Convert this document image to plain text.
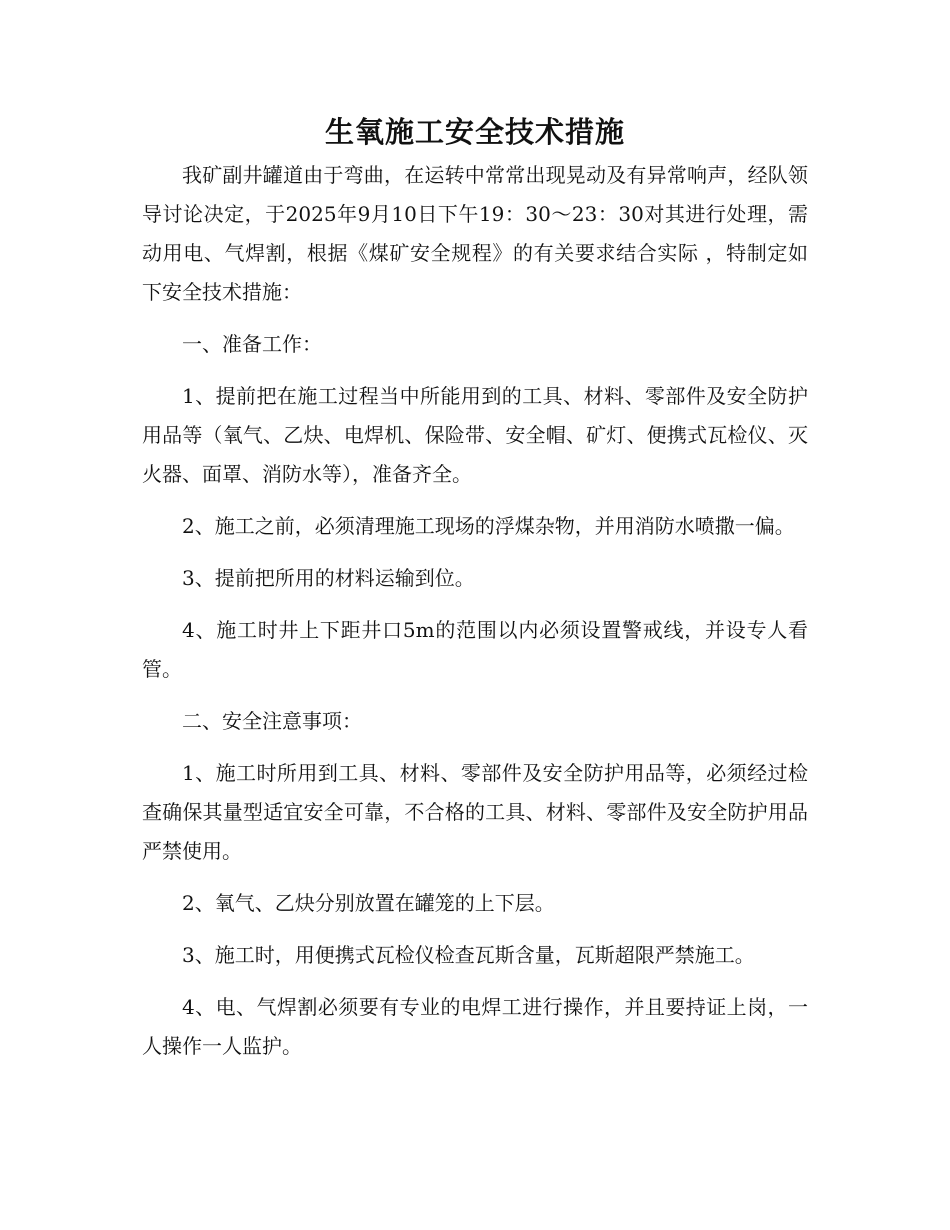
生氧施工安全技术措施

我矿副井罐道由于弯曲，在运转中常常出现晃动及有异常响声，经队领导讨论决定，于2025年9月10日下午19：30～23：30对其进行处理，需动用电、气焊割，根据《煤矿安全规程》的有关要求结合实际 ，特制定如下安全技术措施：

一、准备工作：

1、提前把在施工过程当中所能用到的工具、材料、零部件及安全防护用品等（氧气、乙炔、电焊机、保险带、安全帽、矿灯、便携式瓦检仪、灭火器、面罩、消防水等），准备齐全。

2、施工之前，必须清理施工现场的浮煤杂物，并用消防水喷撒一偏。

3、提前把所用的材料运输到位。

4、施工时井上下距井口5m的范围以内必须设置警戒线，并设专人看管。

二、安全注意事项：

1、施工时所用到工具、材料、零部件及安全防护用品等，必须经过检查确保其量型适宜安全可靠，不合格的工具、材料、零部件及安全防护用品严禁使用。

2、氧气、乙炔分别放置在罐笼的上下层。

3、施工时，用便携式瓦检仪检查瓦斯含量，瓦斯超限严禁施工。

4、电、气焊割必须要有专业的电焊工进行操作，并且要持证上岗，一人操作一人监护。
